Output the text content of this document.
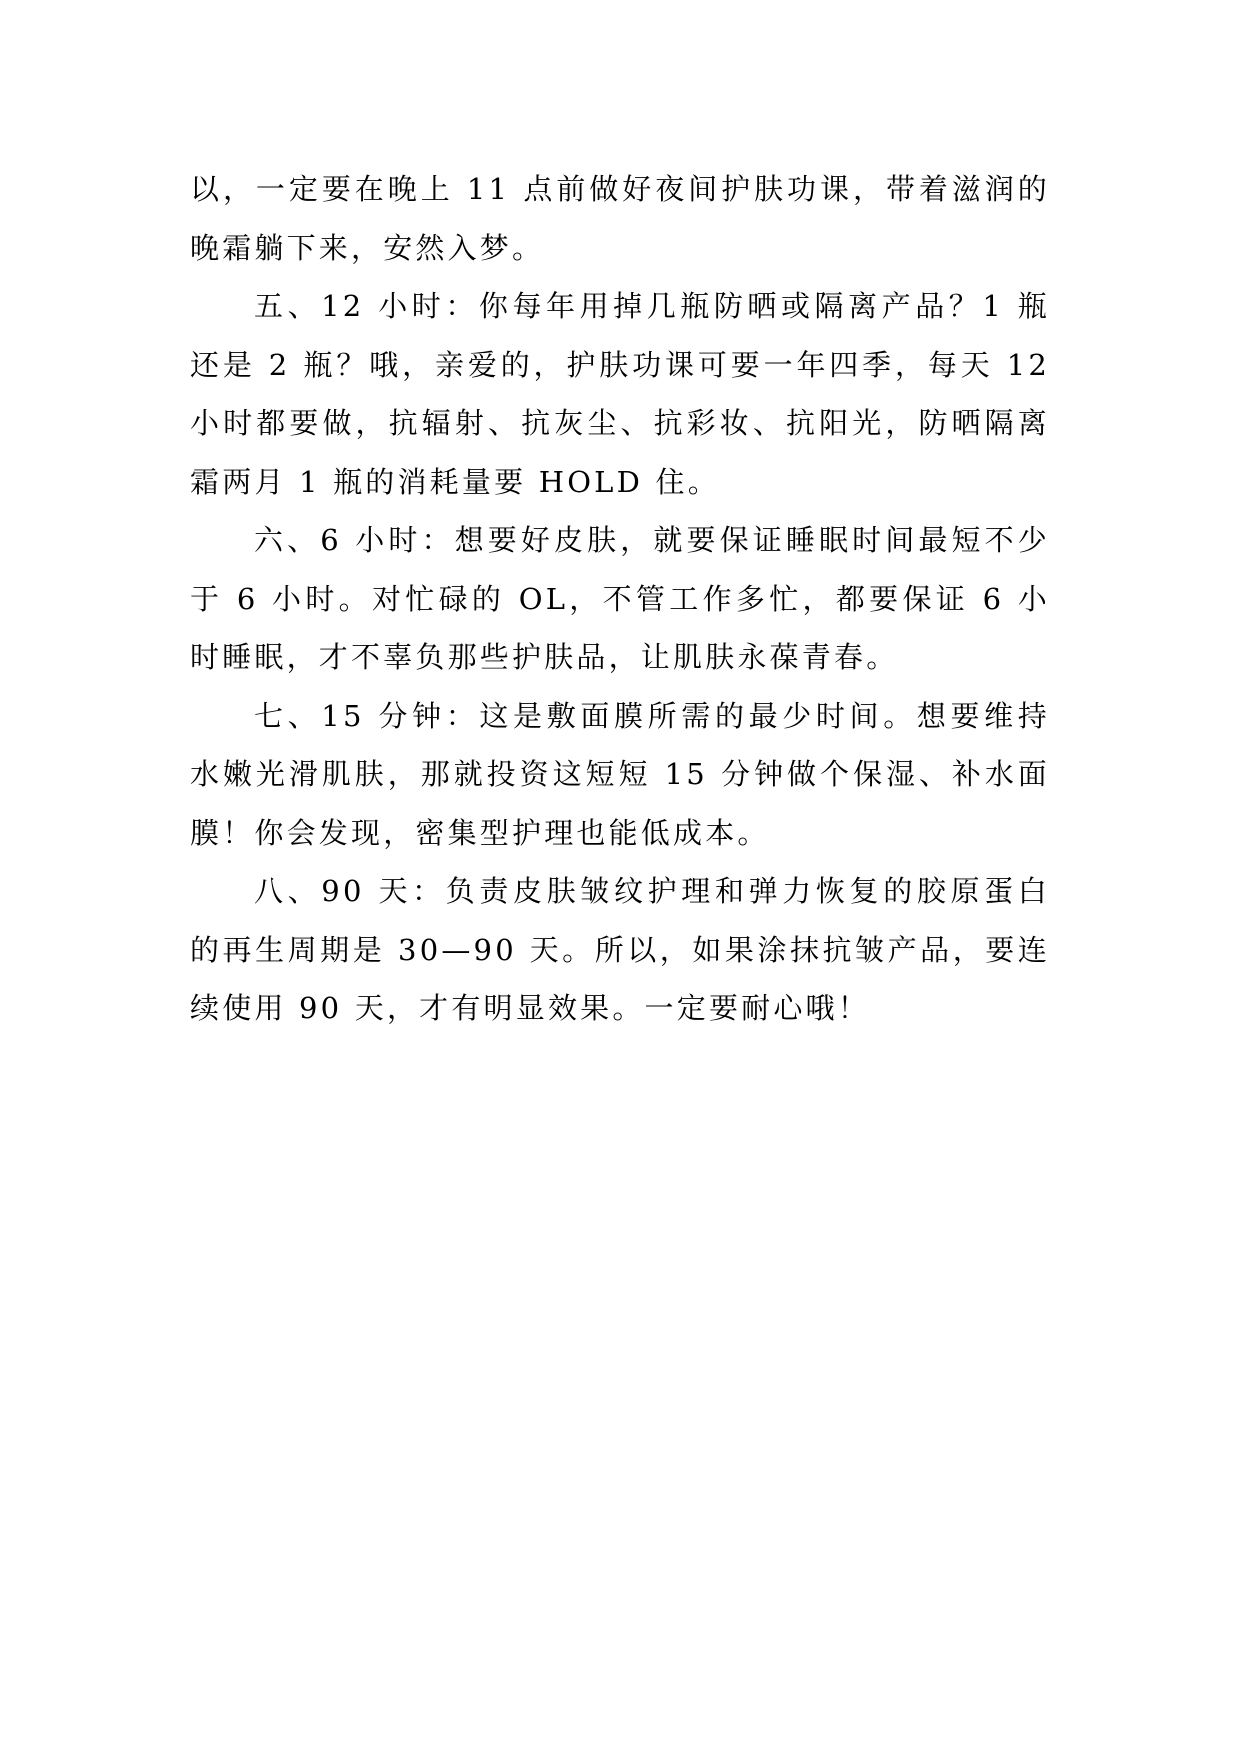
以，一定要在晚上 11 点前做好夜间护肤功课，带着滋润的晚霜躺下来，安然入梦。

五、12 小时：你每年用掉几瓶防晒或隔离产品？1 瓶还是 2 瓶？哦，亲爱的，护肤功课可要一年四季，每天 12 小时都要做，抗辐射、抗灰尘、抗彩妆、抗阳光，防晒隔离霜两月 1 瓶的消耗量要 HOLD 住。

六、6 小时：想要好皮肤，就要保证睡眠时间最短不少于 6 小时。对忙碌的 OL，不管工作多忙，都要保证 6 小时睡眠，才不辜负那些护肤品，让肌肤永葆青春。

七、15 分钟：这是敷面膜所需的最少时间。想要维持水嫩光滑肌肤，那就投资这短短 15 分钟做个保湿、补水面膜！你会发现，密集型护理也能低成本。

八、90 天：负责皮肤皱纹护理和弹力恢复的胶原蛋白的再生周期是 30—90 天。所以，如果涂抹抗皱产品，要连续使用 90 天，才有明显效果。一定要耐心哦！
